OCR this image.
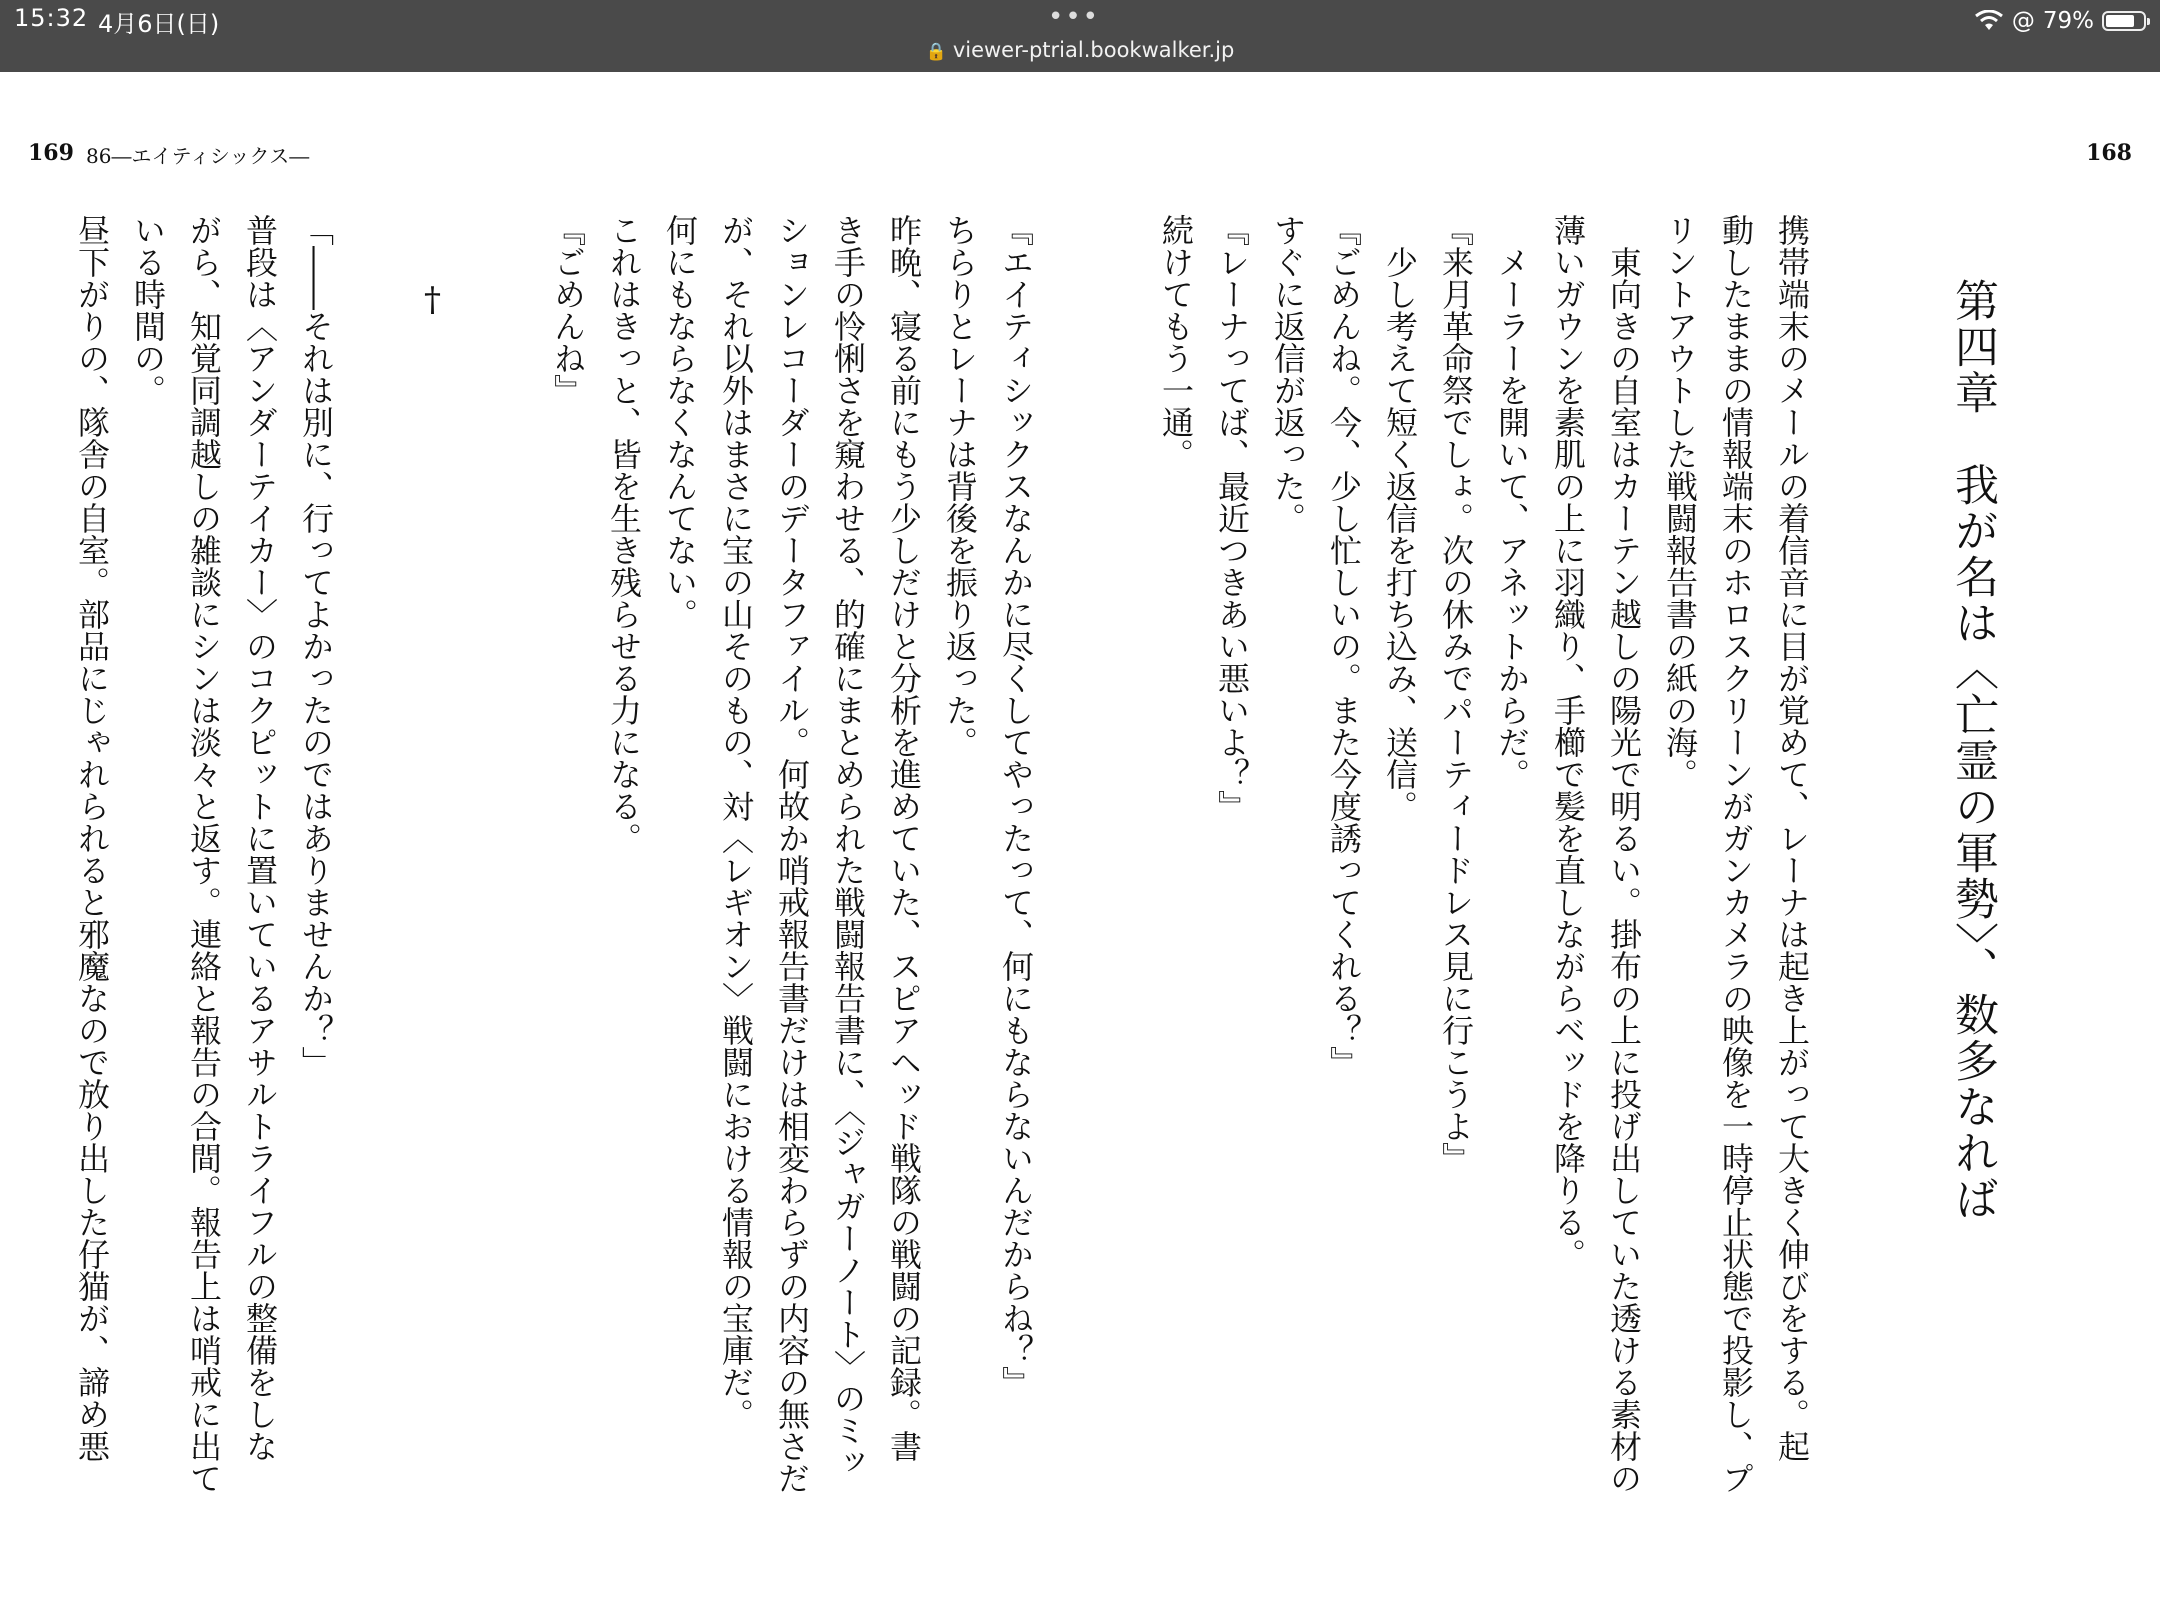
15:32 4月6日(日)	•••
🔒 viewer-ptrial.bookwalker.jp
@ 79%
169 86―エイティシックス―	168
第四章　我が名は〈亡霊の軍勢〉、数多なれば
携帯端末のメールの着信音に目が覚めて、レーナは起き上がって大きく伸びをする。起
動したままの情報端末のホロスクリーンがガンカメラの映像を一時停止状態で投影し、プ
リントアウトした戦闘報告書の紙の海。
東向きの自室はカーテン越しの陽光で明るい。掛布の上に投げ出していた透ける素材の
薄いガウンを素肌の上に羽織り、手櫛で髪を直しながらベッドを降りる。
メーラーを開いて、アネットからだ。
『来月革命祭でしょ。次の休みでパーティードレス見に行こうよ』
少し考えて短く返信を打ち込み、送信。
『ごめんね。今、少し忙しいの。また今度誘ってくれる？』
すぐに返信が返った。
『レーナってば、最近つきあい悪いよ？』
続けてもう一通。
『エイティシックスなんかに尽くしてやったって、何にもならないんだからね？』
ちらりとレーナは背後を振り返った。
昨晩、寝る前にもう少しだけと分析を進めていた、スピアヘッド戦隊の戦闘の記録。書
き手の怜悧さを窺わせる、的確にまとめられた戦闘報告書に、〈ジャガーノート〉のミッ
ションレコーダーのデータファイル。何故か哨戒報告書だけは相変わらずの内容の無さだ
が、それ以外はまさに宝の山そのもの、対〈レギオン〉戦闘における情報の宝庫だ。
何にもならなくなんてない。
これはきっと、皆を生き残らせる力になる。
『ごめんね』
†
「――それは別に、行ってよかったのではありませんか？」
普段は〈アンダーテイカー〉のコクピットに置いているアサルトライフルの整備をしな
がら、知覚同調越しの雑談にシンは淡々と返す。連絡と報告の合間。報告上は哨戒に出て
いる時間の。
昼下がりの、隊舎の自室。部品にじゃれられると邪魔なので放り出した仔猫が、諦め悪
